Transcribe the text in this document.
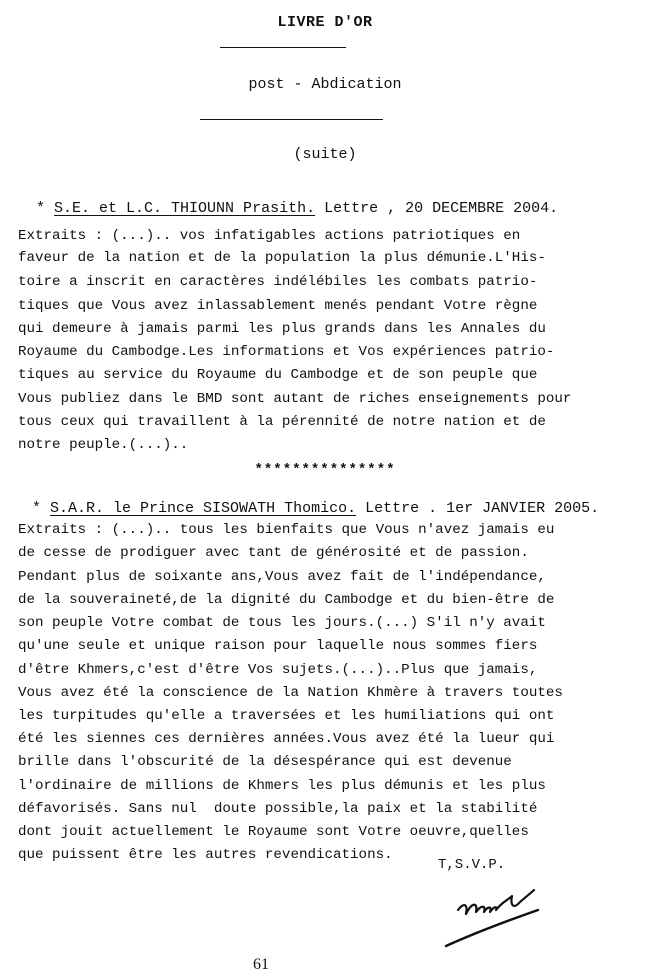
LIVRE D'OR
post - Abdication
(suite)
* S.E. et L.C. THIOUNN Prasith. Lettre , 20 DECEMBRE 2004.
Extraits : (...).. vos infatigables actions patriotiques en
faveur de la nation et de la population la plus démunie.L'His-
toire a inscrit en caractères indélébiles les combats patrio-
tiques que Vous avez inlassablement menés pendant Votre règne
qui demeure à jamais parmi les plus grands dans les Annales du
Royaume du Cambodge.Les informations et Vos expériences patrio-
tiques au service du Royaume du Cambodge et de son peuple que
Vous publiez dans le BMD sont autant de riches enseignements pour
tous ceux qui travaillent à la pérennité de notre nation et de
notre peuple.(...)..
***************
* S.A.R. le Prince SISOWATH Thomico. Lettre . 1er JANVIER 2005.
Extraits : (...).. tous les bienfaits que Vous n'avez jamais eu
de cesse de prodiguer avec tant de générosité et de passion.
Pendant plus de soixante ans,Vous avez fait de l'indépendance,
de la souveraineté,de la dignité du Cambodge et du bien-être de
son peuple Votre combat de tous les jours.(...) S'il n'y avait
qu'une seule et unique raison pour laquelle nous sommes fiers
d'être Khmers,c'est d'être Vos sujets.(...)..Plus que jamais,
Vous avez été la conscience de la Nation Khmère à travers toutes
les turpitudes qu'elle a traversées et les humiliations qui ont
été les siennes ces dernières années.Vous avez été la lueur qui
brille dans l'obscurité de la désespérance qui est devenue
l'ordinaire de millions de Khmers les plus démunis et les plus
défavorisés. Sans nul  doute possible,la paix et la stabilité
dont jouit actuellement le Royaume sont Votre oeuvre,quelles
que puissent être les autres revendications.
T,S.V.P.
61
